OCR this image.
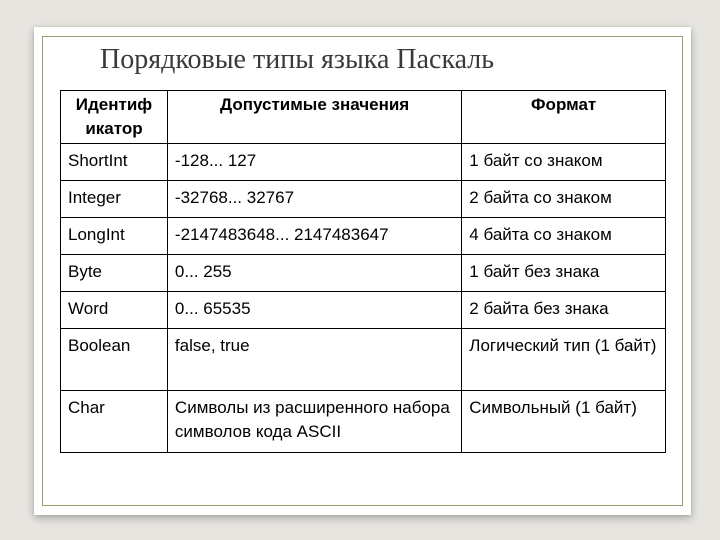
Порядковые типы языка Паскаль
Идентиф икатор	Допустимые значения	Формат
ShortInt	-128... 127	1 байт со знаком
Integer	-32768... 32767	2 байта со знаком
LongInt	-2147483648... 2147483647	4 байта со знаком
Byte	0... 255	1 байт без знака
Word	0... 65535	2 байта без знака
Boolean	false, true	Логический тип (1 байт)
Char	Символы из расширенного набора символов кода ASCII	Символьный (1 байт)
